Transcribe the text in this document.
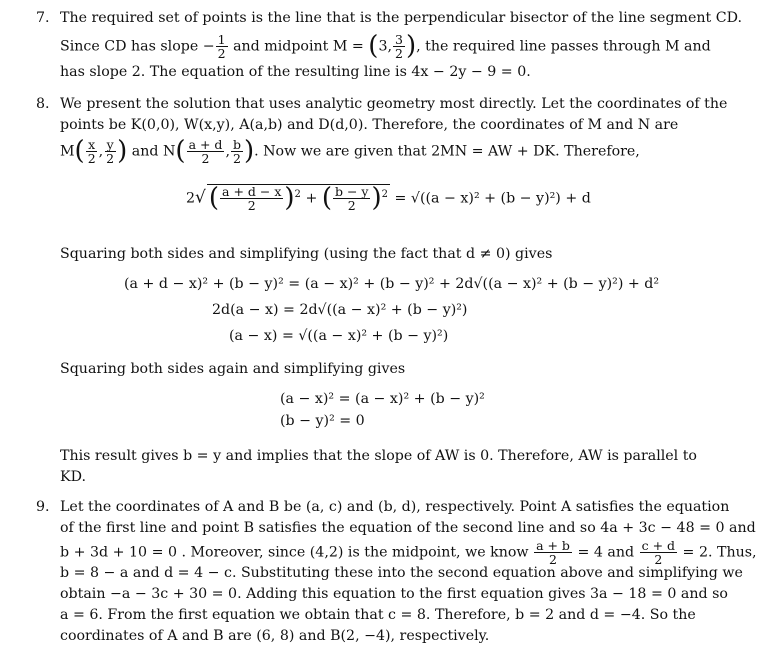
7. The required set of points is the line that is the perpendicular bisector of the line segment CD.
Since CD has slope − $\frac{1}{2}$ and midpoint M = (3, $\frac{3}{2}$ ), the required line passes through M and
has slope 2. The equation of the resulting line is 4x − 2y − 9 = 0.
8. We present the solution that uses analytic geometry most directly. Let the coordinates of the
points be K(0,0), W(x,y), A(a,b) and D(d,0). Therefore, the coordinates of M and N are
$M( \frac{x}{2}$ , $\frac{y}{2}$ ) and $N( \frac{a + d}{2}$ , $\frac{b}{2}$ ). Now we are given that 2MN = AW + DK. Therefore,
2√ ( $\frac{a + d - x}{2} )^2$ + ( $\frac{b - y}{2} )^2 = √((a - x)^2 + (b - y)^2) + d$
Squaring both sides and simplifying (using the fact that d ≠ 0) gives
(a + d − x)² + (b − y)² = (a − x)² + (b − y)² + 2d√((a − x)² + (b − y)²) + d²
2d(a − x) = 2d√((a − x)² + (b − y)²)
(a − x) = √((a − x)² + (b − y)²)
Squaring both sides again and simplifying gives
(a − x)² = (a − x)² + (b − y)²
(b − y)² = 0
This result gives b = y and implies that the slope of AW is 0. Therefore, AW is parallel to
KD.
9. Let the coordinates of A and B be (a, c) and (b, d), respectively. Point A satisfies the equation
of the first line and point B satisfies the equation of the second line and so 4a + 3c − 48 = 0 and
b + 3d + 10 = 0 . Moreover, since (4,2) is the midpoint, we know $\frac{a + b}{2} = 4$ and $\frac{c + d}{2} = 2$. Thus,
b = 8 − a and d = 4 − c. Substituting these into the second equation above and simplifying we
obtain −a − 3c + 30 = 0. Adding this equation to the first equation gives 3a − 18 = 0 and so
a = 6. From the first equation we obtain that c = 8. Therefore, b = 2 and d = −4. So the
coordinates of A and B are (6, 8) and B(2, −4), respectively.
